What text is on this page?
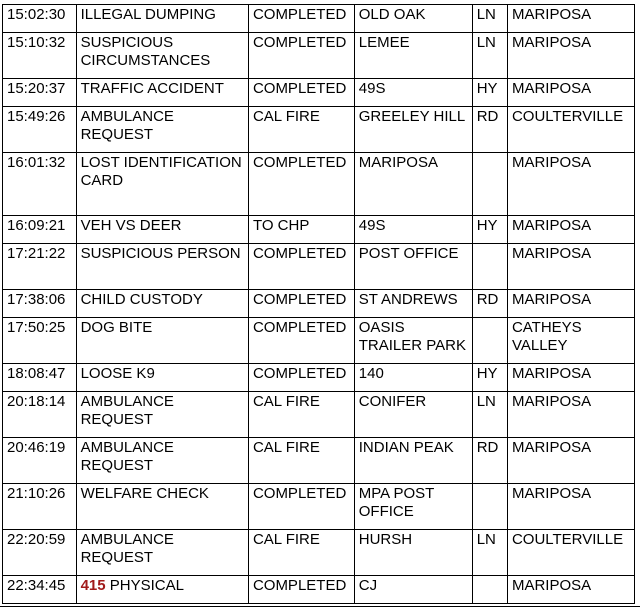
15:02:30	ILLEGAL DUMPING	COMPLETED	OLD OAK	LN	MARIPOSA
15:10:32	SUSPICIOUS CIRCUMSTANCES	COMPLETED	LEMEE	LN	MARIPOSA
15:20:37	TRAFFIC ACCIDENT	COMPLETED	49S	HY	MARIPOSA
15:49:26	AMBULANCE REQUEST	CAL FIRE	GREELEY HILL	RD	COULTERVILLE
16:01:32	LOST IDENTIFICATION CARD	COMPLETED	MARIPOSA		MARIPOSA
16:09:21	VEH VS DEER	TO CHP	49S	HY	MARIPOSA
17:21:22	SUSPICIOUS PERSON	COMPLETED	POST OFFICE		MARIPOSA
17:38:06	CHILD CUSTODY	COMPLETED	ST ANDREWS	RD	MARIPOSA
17:50:25	DOG BITE	COMPLETED	OASIS TRAILER PARK		CATHEYS VALLEY
18:08:47	LOOSE K9	COMPLETED	140	HY	MARIPOSA
20:18:14	AMBULANCE REQUEST	CAL FIRE	CONIFER	LN	MARIPOSA
20:46:19	AMBULANCE REQUEST	CAL FIRE	INDIAN PEAK	RD	MARIPOSA
21:10:26	WELFARE CHECK	COMPLETED	MPA POST OFFICE		MARIPOSA
22:20:59	AMBULANCE REQUEST	CAL FIRE	HURSH	LN	COULTERVILLE
22:34:45	415 PHYSICAL	COMPLETED	CJ		MARIPOSA
